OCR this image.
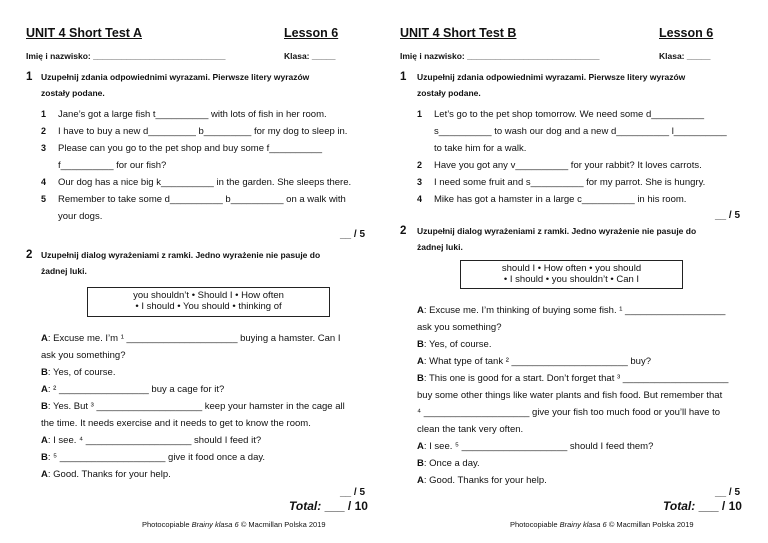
UNIT 4 Short Test A	Lesson 6
Imię i nazwisko: ____________________________	Klasa: _____
1 Uzupełnij zdania odpowiednimi wyrazami. Pierwsze litery wyrazów
zostały podane.
1 Jane’s got a large fish t__________ with lots of fish in her room.
2 I have to buy a new d_________ b_________ for my dog to sleep in.
3 Please can you go to the pet shop and buy some f__________
f__________ for our fish?
4 Our dog has a nice big k__________ in the garden. She sleeps there.
5 Remember to take some d__________ b__________ on a walk with
your dogs.
__ / 5
2 Uzupełnij dialog wyrażeniami z ramki. Jedno wyrażenie nie pasuje do
żadnej luki.
you shouldn’t • Should I • How often
• I should • You should • thinking of
A: Excuse me. I’m ¹ _____________________ buying a hamster. Can I
ask you something?
B: Yes, of course.
A: ² _________________ buy a cage for it?
B: Yes. But ³ ____________________ keep your hamster in the cage all
the time. It needs exercise and it needs to get to know the room.
A: I see. ⁴ ____________________ should I feed it?
B: ⁵ ____________________ give it food once a day.
A: Good. Thanks for your help.
__ / 5
Total: ___ / 10
Photocopiable Brainy klasa 6 © Macmillan Polska 2019
UNIT 4 Short Test B	Lesson 6
Imię i nazwisko: ____________________________	Klasa: _____
1 Uzupełnij zdania odpowiednimi wyrazami. Pierwsze litery wyrazów
zostały podane.
1 Let’s go to the pet shop tomorrow. We need some d__________
s__________ to wash our dog and a new d__________ l__________
to take him for a walk.
2 Have you got any v__________ for your rabbit? It loves carrots.
3 I need some fruit and s__________ for my parrot. She is hungry.
4 Mike has got a hamster in a large c__________ in his room.
__ / 5
2 Uzupełnij dialog wyrażeniami z ramki. Jedno wyrażenie nie pasuje do
żadnej luki.
should I • How often • you should
• I should • you shouldn’t • Can I
A: Excuse me. I’m thinking of buying some fish. ¹ ___________________
ask you something?
B: Yes, of course.
A: What type of tank ² ______________________ buy?
B: This one is good for a start. Don’t forget that ³ ____________________
buy some other things like water plants and fish food. But remember that
⁴ ____________________ give your fish too much food or you’ll have to
clean the tank very often.
A: I see. ⁵ ____________________ should I feed them?
B: Once a day.
A: Good. Thanks for your help.
__ / 5
Total: ___ / 10
Photocopiable Brainy klasa 6 © Macmillan Polska 2019
